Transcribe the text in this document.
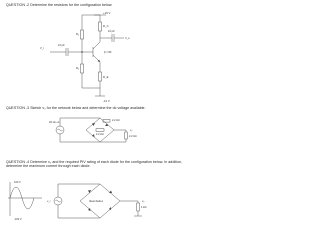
QUESTION -2 Determine the resistors for the configuration below.
+16 V
R_C
R₁
R₂
V_i
10 μF
β = 80
V_o
10 μF
R_E
-12 V
QUESTION -3 Sketch v₀ for the network below and determine the dc voltage available.
20 sin ωt
2.2 kΩ
2.2 kΩ
2.2 kΩ
v₀
QUESTION -4 Determine v₀ and the required PIV rating of each diode for the configuration below. In addition, determine the maximum current through each diode.
100 V
-100 V
v_i	Ideal diodes
1 kΩ
v₀
